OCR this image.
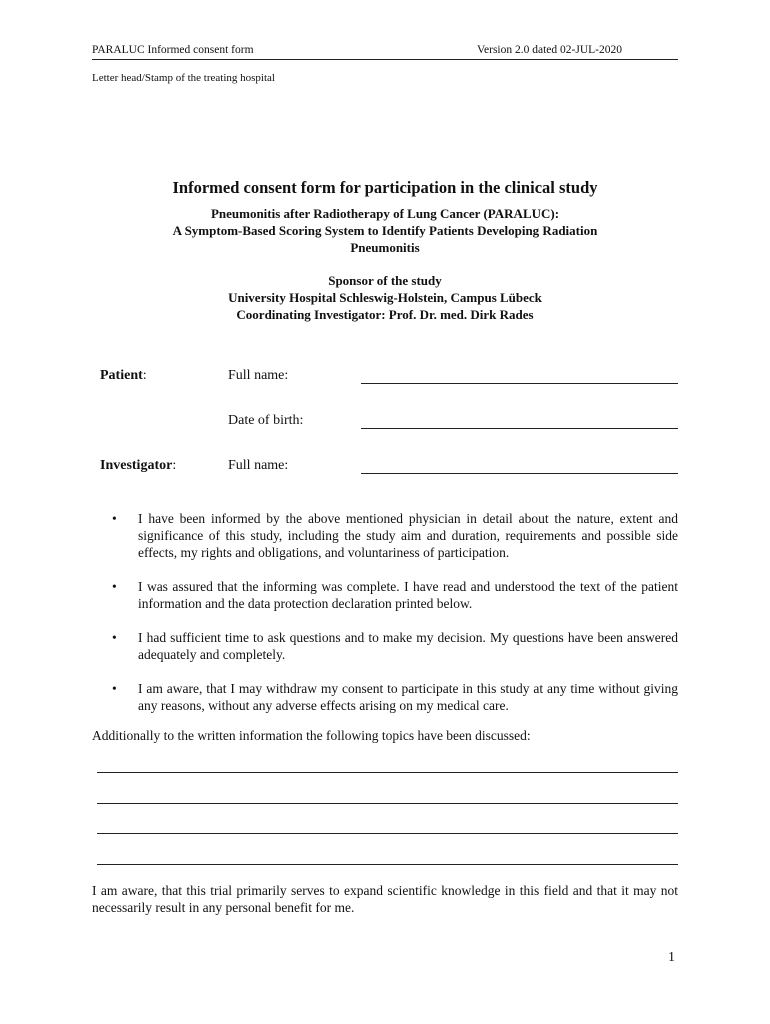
PARALUC Informed consent form	Version 2.0 dated 02-JUL-2020
Letter head/Stamp of the treating hospital
Informed consent form for participation in the clinical study
Pneumonitis after Radiotherapy of Lung Cancer (PARALUC):
A Symptom-Based Scoring System to Identify Patients Developing Radiation
Pneumonitis
Sponsor of the study
University Hospital Schleswig-Holstein, Campus Lübeck
Coordinating Investigator: Prof. Dr. med. Dirk Rades
Patient:	Full name:
Date of birth:
Investigator:	Full name:
• I have been informed by the above mentioned physician in detail about the nature, extent and significance of this study, including the study aim and duration, requirements and possible side effects, my rights and obligations, and voluntariness of participation.
• I was assured that the informing was complete. I have read and understood the text of the patient information and the data protection declaration printed below.
• I had sufficient time to ask questions and to make my decision. My questions have been answered adequately and completely.
• I am aware, that I may withdraw my consent to participate in this study at any time without giving any reasons, without any adverse effects arising on my medical care.
Additionally to the written information the following topics have been discussed:
I am aware, that this trial primarily serves to expand scientific knowledge in this field and that it may not necessarily result in any personal benefit for me.
1
